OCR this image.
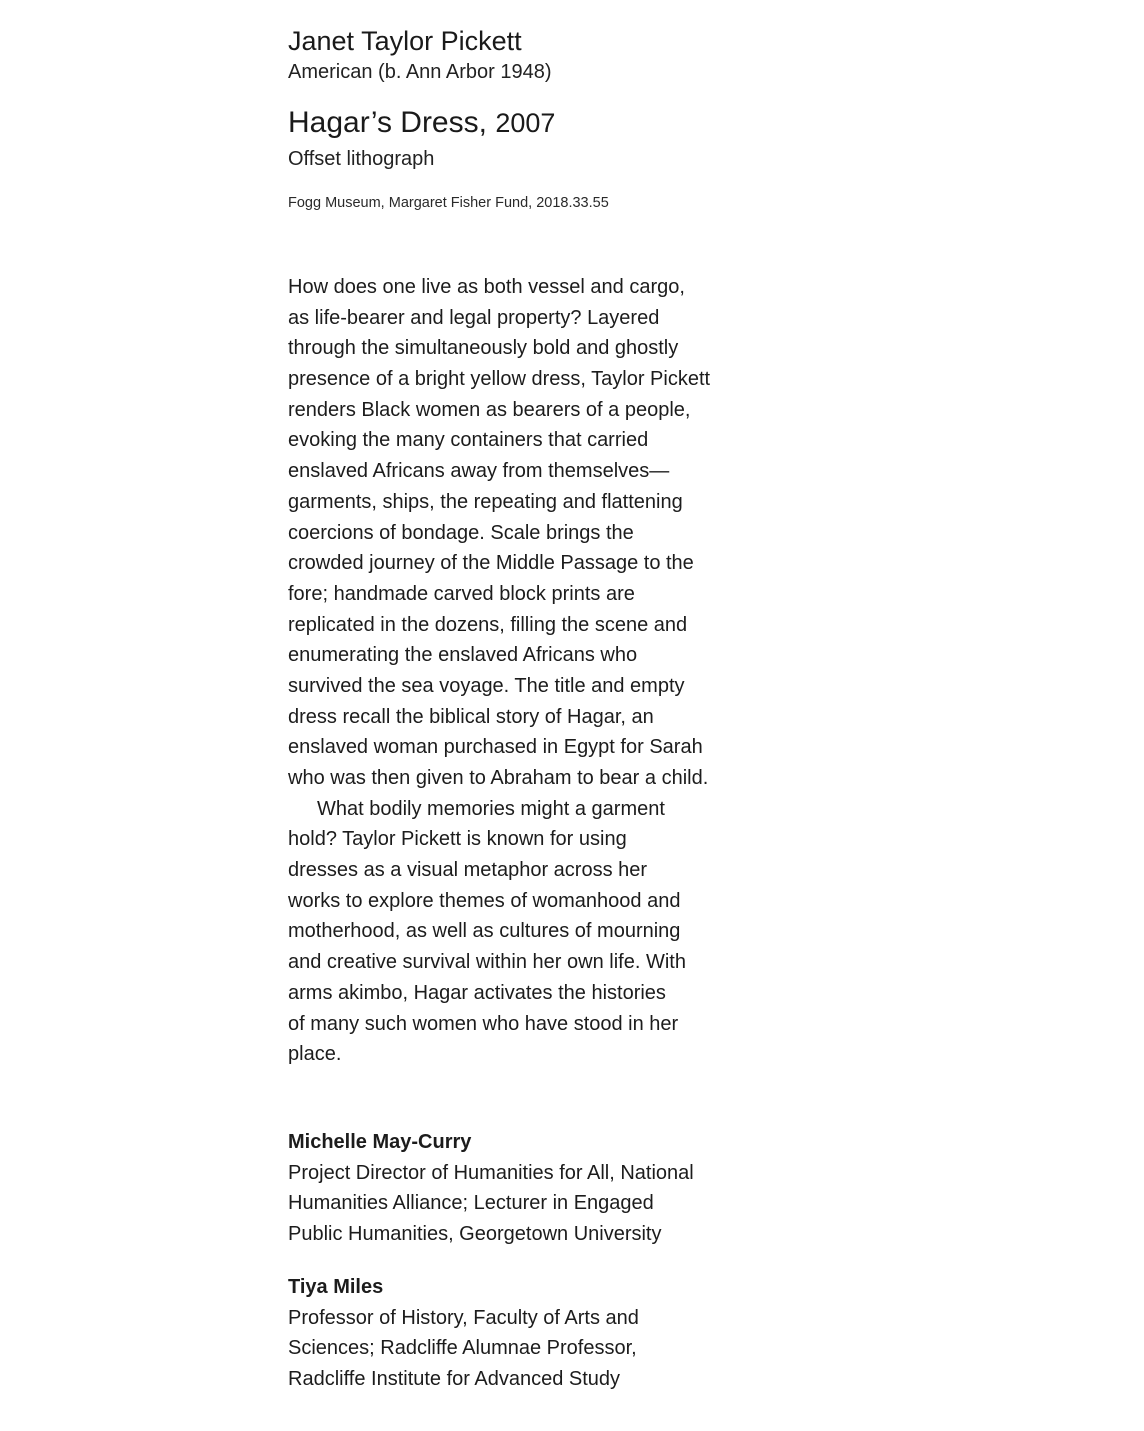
Janet Taylor Pickett
American (b. Ann Arbor 1948)
Hagar’s Dress, 2007
Offset lithograph
Fogg Museum, Margaret Fisher Fund, 2018.33.55
How does one live as both vessel and cargo,
as life-bearer and legal property? Layered
through the simultaneously bold and ghostly
presence of a bright yellow dress, Taylor Pickett
renders Black women as bearers of a people,
evoking the many containers that carried
enslaved Africans away from themselves—
garments, ships, the repeating and flattening
coercions of bondage. Scale brings the
crowded journey of the Middle Passage to the
fore; handmade carved block prints are
replicated in the dozens, filling the scene and
enumerating the enslaved Africans who
survived the sea voyage. The title and empty
dress recall the biblical story of Hagar, an
enslaved woman purchased in Egypt for Sarah
who was then given to Abraham to bear a child.
What bodily memories might a garment
hold? Taylor Pickett is known for using
dresses as a visual metaphor across her
works to explore themes of womanhood and
motherhood, as well as cultures of mourning
and creative survival within her own life. With
arms akimbo, Hagar activates the histories
of many such women who have stood in her
place.
Michelle May-Curry
Project Director of Humanities for All, National
Humanities Alliance; Lecturer in Engaged
Public Humanities, Georgetown University
Tiya Miles
Professor of History, Faculty of Arts and
Sciences; Radcliffe Alumnae Professor,
Radcliffe Institute for Advanced Study
